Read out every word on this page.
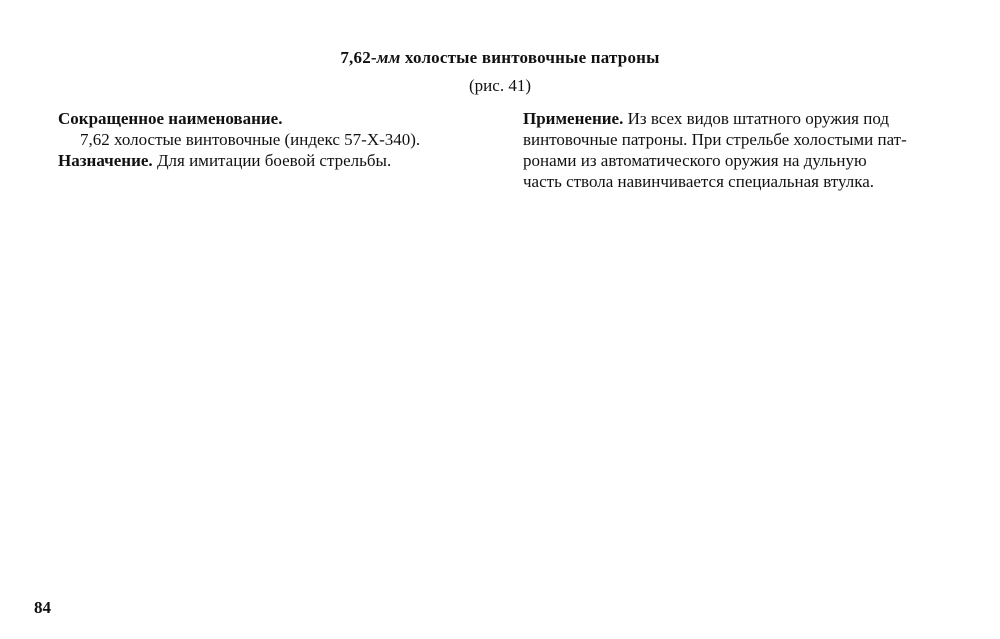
7,62-мм холостые винтовочные патроны
(рис. 41)
Сокращенное наименование.
7,62 холостые винтовочные (индекс 57-Х-340).
Назначение. Для имитации боевой стрельбы.
Применение. Из всех видов штатного оружия под
винтовочные патроны. При стрельбе холостыми пат-
ронами из автоматического оружия на дульную
часть ствола навинчивается специальная втулка.
84
